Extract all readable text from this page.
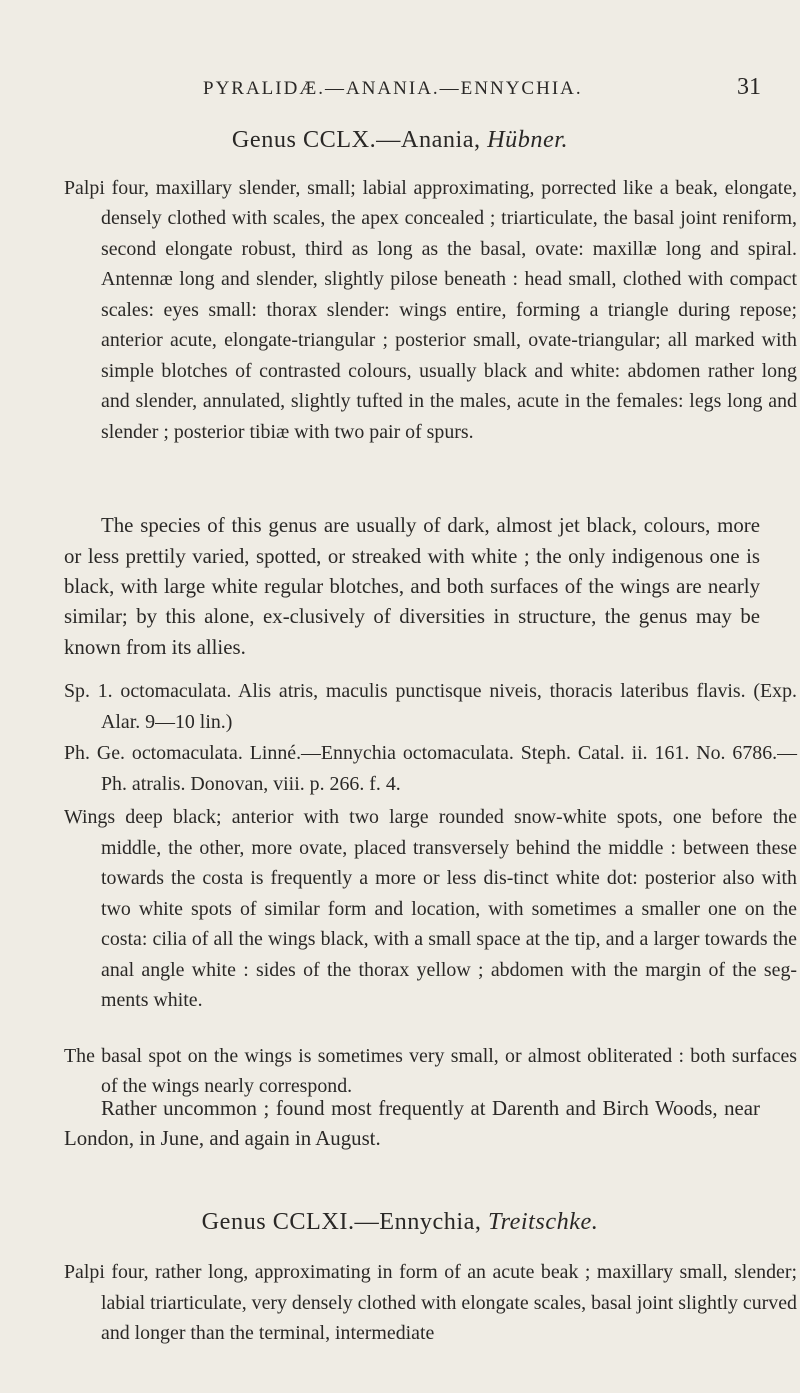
PYRALIDÆ.—ANANIA.—ENNYCHIA.	31
Genus CCLX.—Anania, Hübner.
Palpi four, maxillary slender, small; labial approximating, porrected like a beak, elongate, densely clothed with scales, the apex concealed ; triarticulate, the basal joint reniform, second elongate robust, third as long as the basal, ovate: maxillæ long and spiral. Antennæ long and slender, slightly pilose beneath : head small, clothed with compact scales: eyes small: thorax slender: wings entire, forming a triangle during repose; anterior acute, elongate-triangular ; posterior small, ovate-triangular; all marked with simple blotches of contrasted colours, usually black and white: abdomen rather long and slender, annulated, slightly tufted in the males, acute in the females: legs long and slender ; posterior tibiæ with two pair of spurs.
The species of this genus are usually of dark, almost jet black, colours, more or less prettily varied, spotted, or streaked with white ; the only indigenous one is black, with large white regular blotches, and both surfaces of the wings are nearly similar; by this alone, ex-clusively of diversities in structure, the genus may be known from its allies.
Sp. 1. octomaculata. Alis atris, maculis punctisque niveis, thoracis lateribus flavis. (Exp. Alar. 9—10 lin.)
Ph. Ge. octomaculata. Linné.—Ennychia octomaculata. Steph. Catal. ii. 161. No. 6786.—Ph. atralis. Donovan, viii. p. 266. f. 4.
Wings deep black; anterior with two large rounded snow-white spots, one before the middle, the other, more ovate, placed transversely behind the middle : between these towards the costa is frequently a more or less dis-tinct white dot: posterior also with two white spots of similar form and location, with sometimes a smaller one on the costa: cilia of all the wings black, with a small space at the tip, and a larger towards the anal angle white : sides of the thorax yellow ; abdomen with the margin of the seg-ments white.
The basal spot on the wings is sometimes very small, or almost obliterated : both surfaces of the wings nearly correspond.
Rather uncommon ; found most frequently at Darenth and Birch Woods, near London, in June, and again in August.
Genus CCLXI.—Ennychia, Treitschke.
Palpi four, rather long, approximating in form of an acute beak ; maxillary small, slender; labial triarticulate, very densely clothed with elongate scales, basal joint slightly curved and longer than the terminal, intermediate
